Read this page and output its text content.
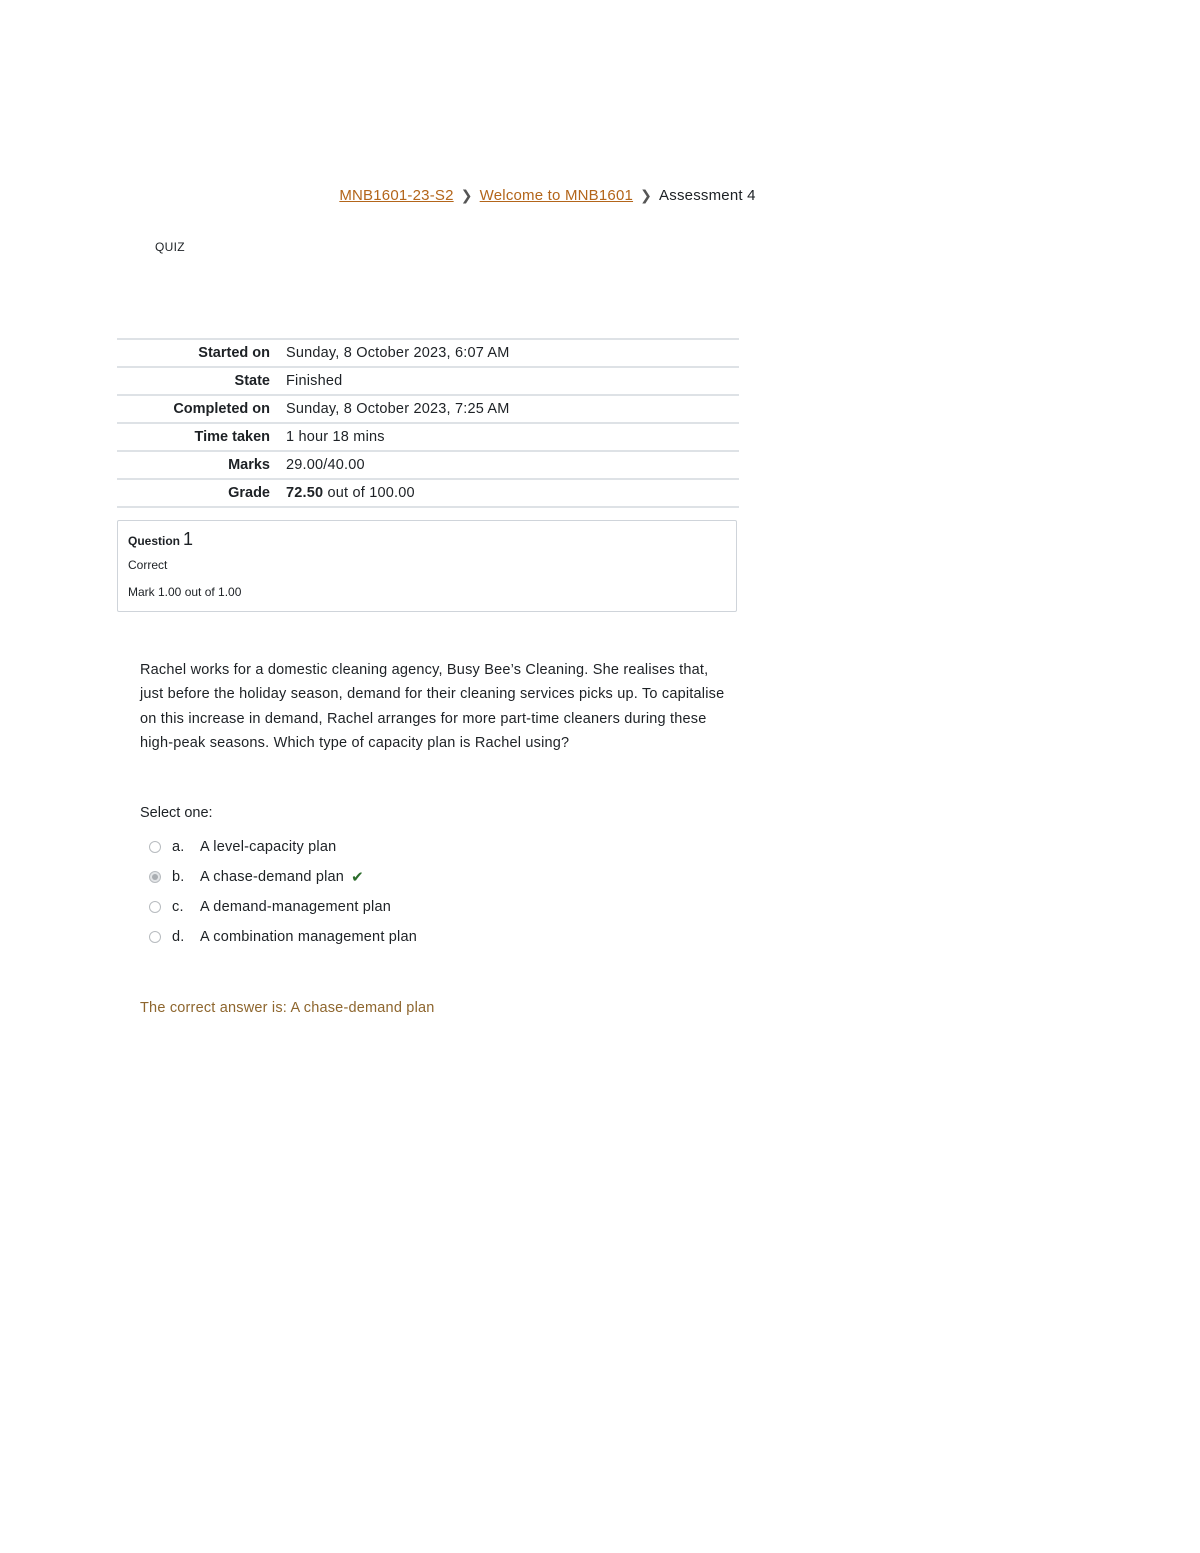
MNB1601-23-S2 ❯ Welcome to MNB1601 ❯ Assessment 4
QUIZ
Started on	Sunday, 8 October 2023, 6:07 AM
State	Finished
Completed on	Sunday, 8 October 2023, 7:25 AM
Time taken	1 hour 18 mins
Marks	29.00/40.00
Grade	72.50 out of 100.00
Question 1
Correct
Mark 1.00 out of 1.00
Rachel works for a domestic cleaning agency, Busy Bee’s Cleaning. She realises that, just before the holiday season, demand for their cleaning services picks up. To capitalise on this increase in demand, Rachel arranges for more part-time cleaners during these high-peak seasons. Which type of capacity plan is Rachel using?
Select one:
a.	A level-capacity plan
b.	A chase-demand plan ✔
c.	A demand-management plan
d.	A combination management plan
The correct answer is: A chase-demand plan
